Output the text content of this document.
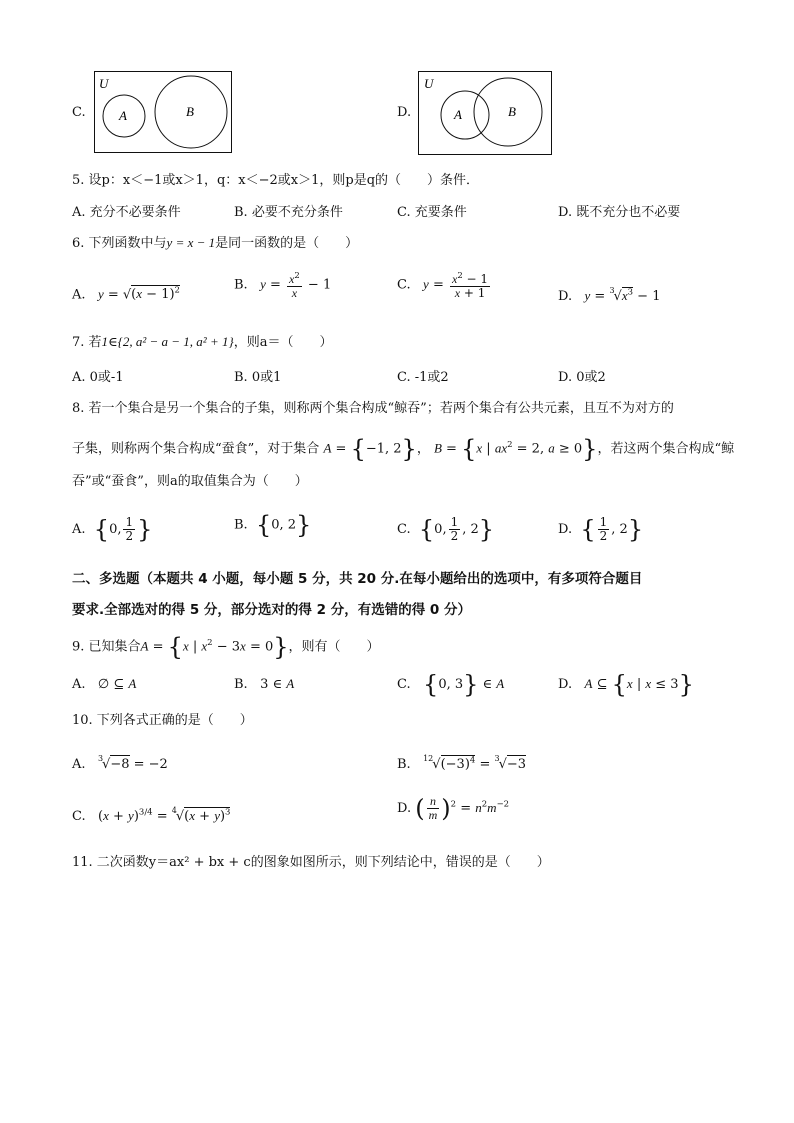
C.
U
A	B	D.
U
A	B
5. 设p：x＜−1或x＞1，q：x＜−2或x＞1，则p是q的（　　）条件．
A. 充分不必要条件	B. 必要不充分条件	C. 充要条件	D. 既不充分也不必要
6. 下列函数中与y = x − 1是同一函数的是（　　）
A. $y = √(x - 1)^2$	B. $y = \frac{x^2}{x} - 1$	C. $y = \frac{x^2 - 1}{x + 1}$	D. $y = ^3√x^3 - 1$
7. 若1∈{2, a² − a − 1, a² + 1}，则a＝（　　）
A. 0或-1	B. 0或1	C. -1或2	D. 0或2
8. 若一个集合是另一个集合的子集，则称两个集合构成“鲸吞”；若两个集合有公共元素，且互不为对方的
子集，则称两个集合构成“蚕食”，对于集合 A = {−1, 2}， B = {x | $ax^2 = 2$, a ≥ 0}，若这两个集合构成“鲸
吞”或“蚕食”，则a的取值集合为（　　）
A. {0, $\frac{1}{2}$ }	B. {0, 2}	C. {0, $\frac{1}{2}$ , 2}	D. { $\frac{1}{2}$ , 2}
二、多选题（本题共 4 小题，每小题 5 分，共 20 分.在每小题给出的选项中，有多项符合题目
要求.全部选对的得 5 分，部分选对的得 2 分，有选错的得 0 分）
9. 已知集合A = {x | $x^2 - 3x = 0$}，则有（　　）
A.   ∅ ⊆ A	B.   3 ∈ A	C. {0, 3} ∈ A	D. A ⊆ {x | x ≤ 3}
10. 下列各式正确的是（　　）
A. $^3$√−8 = −2	B. $^{12}√(-3)^4 = ^3√-3$
C.   $(x + y)^{3/4} = ^4√(x + y)^3$	D. ( $\frac{n}{m} )^2 = n^2m^{-2}$
11. 二次函数y＝ax² + bx + c的图象如图所示，则下列结论中，错误的是（　　）
